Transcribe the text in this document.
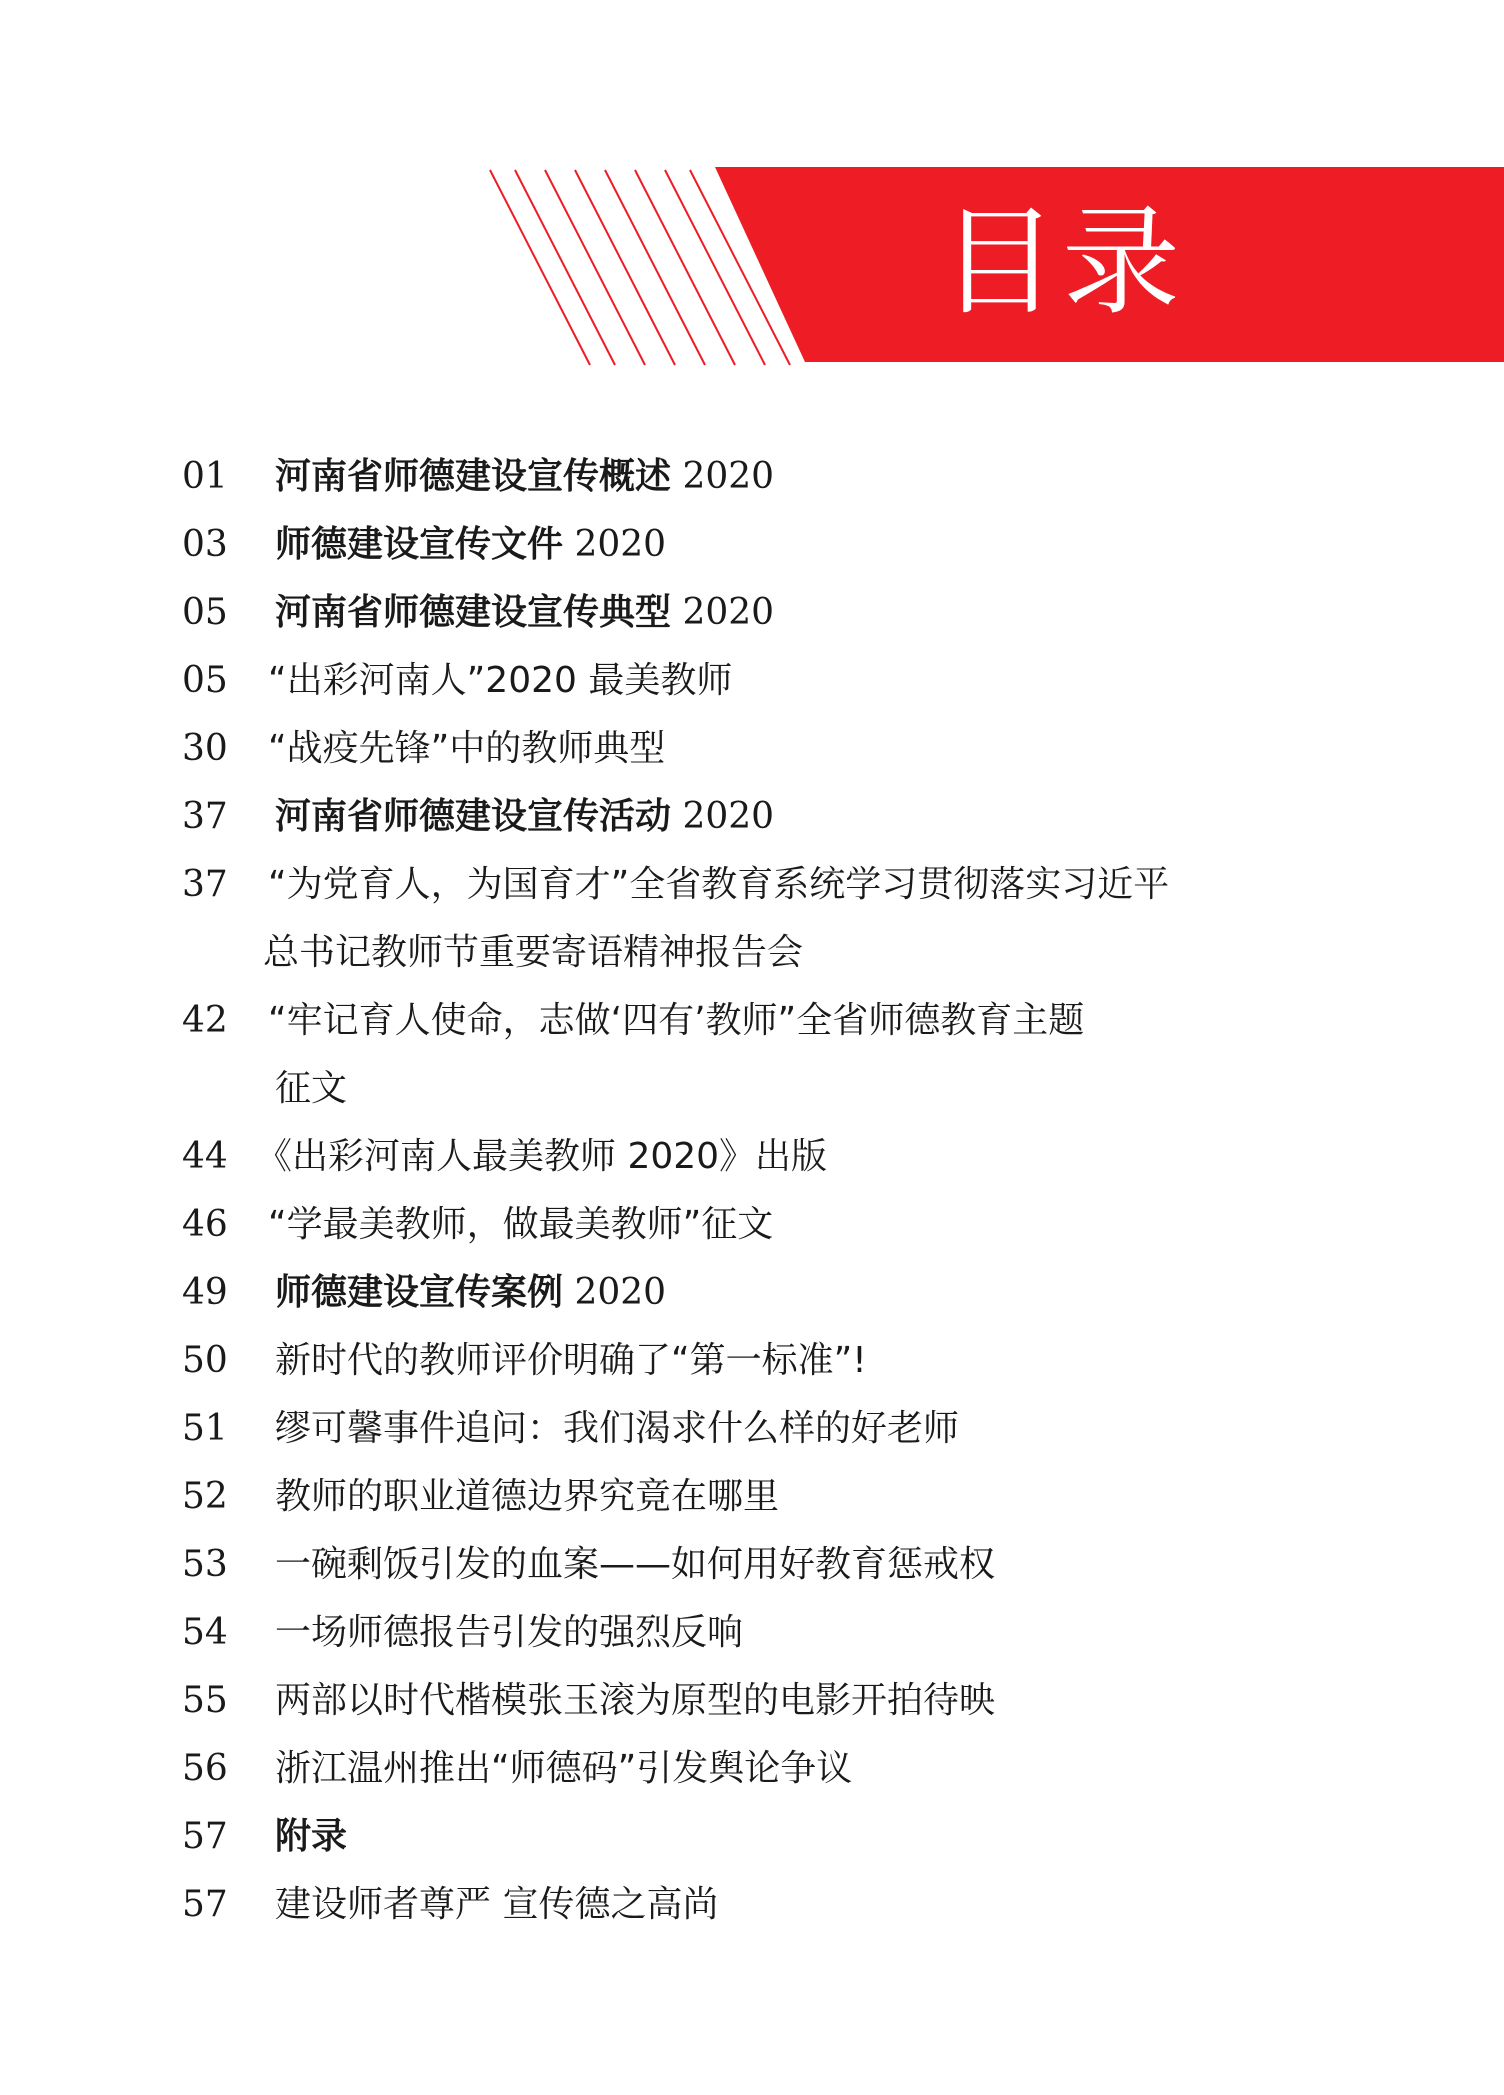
目录
01 河南省师德建设宣传概述 2020
03 师德建设宣传文件 2020
05 河南省师德建设宣传典型 2020
05 “出彩河南人”2020 最美教师
30 “战疫先锋”中的教师典型
37 河南省师德建设宣传活动 2020
37 “为党育人，为国育才”全省教育系统学习贯彻落实习近平
总书记教师节重要寄语精神报告会
42 “牢记育人使命，志做‘四有’教师”全省师德教育主题
征文
44 《出彩河南人最美教师 2020》出版
46 “学最美教师，做最美教师”征文
49 师德建设宣传案例 2020
50 新时代的教师评价明确了“第一标准”!
51 缪可馨事件追问：我们渴求什么样的好老师
52 教师的职业道德边界究竟在哪里
53 一碗剩饭引发的血案——如何用好教育惩戒权
54 一场师德报告引发的强烈反响
55 两部以时代楷模张玉滚为原型的电影开拍待映
56 浙江温州推出“师德码”引发舆论争议
57 附录
57 建设师者尊严 宣传德之高尚
